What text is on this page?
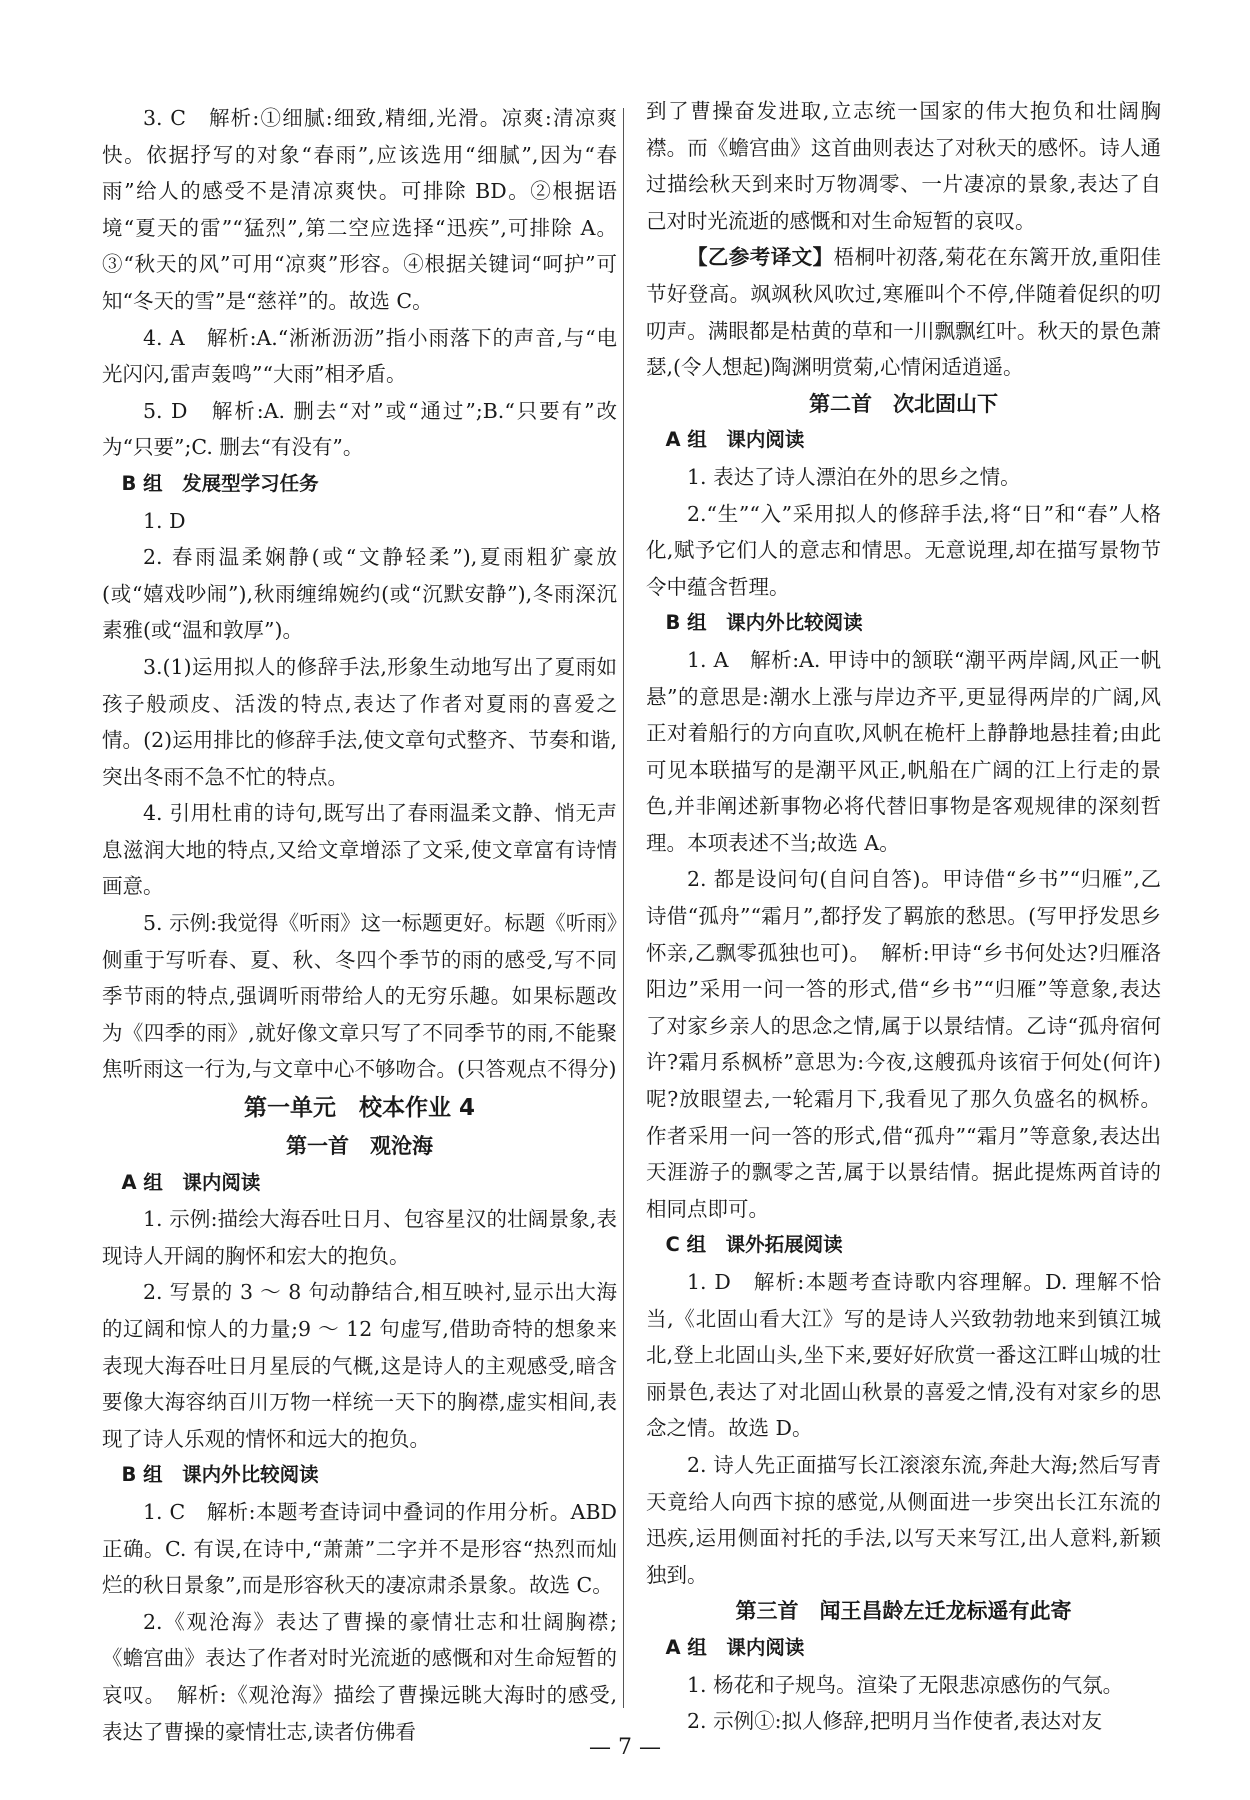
3. C　解析:①细腻:细致,精细,光滑。凉爽:清凉爽快。依据抒写的对象“春雨”,应该选用“细腻”,因为“春雨”给人的感受不是清凉爽快。可排除 BD。②根据语境“夏天的雷”“猛烈”,第二空应选择“迅疾”,可排除 A。③“秋天的风”可用“凉爽”形容。④根据关键词“呵护”可知“冬天的雪”是“慈祥”的。故选 C。

4. A　解析:A.“淅淅沥沥”指小雨落下的声音,与“电光闪闪,雷声轰鸣”“大雨”相矛盾。

5. D　解析:A. 删去“对”或“通过”;B.“只要有”改为“只要”;C. 删去“有没有”。

B 组　发展型学习任务

1. D

2. 春雨温柔娴静(或“文静轻柔”),夏雨粗犷豪放(或“嬉戏吵闹”),秋雨缠绵婉约(或“沉默安静”),冬雨深沉素雅(或“温和敦厚”)。

3.(1)运用拟人的修辞手法,形象生动地写出了夏雨如孩子般顽皮、活泼的特点,表达了作者对夏雨的喜爱之情。(2)运用排比的修辞手法,使文章句式整齐、节奏和谐,突出冬雨不急不忙的特点。

4. 引用杜甫的诗句,既写出了春雨温柔文静、悄无声息滋润大地的特点,又给文章增添了文采,使文章富有诗情画意。

5. 示例:我觉得《听雨》这一标题更好。标题《听雨》侧重于写听春、夏、秋、冬四个季节的雨的感受,写不同季节雨的特点,强调听雨带给人的无穷乐趣。如果标题改为《四季的雨》,就好像文章只写了不同季节的雨,不能聚焦听雨这一行为,与文章中心不够吻合。(只答观点不得分)

第一单元　校本作业 4

第一首　观沧海

A 组　课内阅读

1. 示例:描绘大海吞吐日月、包容星汉的壮阔景象,表现诗人开阔的胸怀和宏大的抱负。

2. 写景的 3 ～ 8 句动静结合,相互映衬,显示出大海的辽阔和惊人的力量;9 ～ 12 句虚写,借助奇特的想象来表现大海吞吐日月星辰的气概,这是诗人的主观感受,暗含要像大海容纳百川万物一样统一天下的胸襟,虚实相间,表现了诗人乐观的情怀和远大的抱负。

B 组　课内外比较阅读

1. C　解析:本题考查诗词中叠词的作用分析。ABD 正确。C. 有误,在诗中,“萧萧”二字并不是形容“热烈而灿烂的秋日景象”,而是形容秋天的凄凉肃杀景象。故选 C。

2.《观沧海》表达了曹操的豪情壮志和壮阔胸襟;《蟾宫曲》表达了作者对时光流逝的感慨和对生命短暂的哀叹。　解析:《观沧海》描绘了曹操远眺大海时的感受,表达了曹操的豪情壮志,读者仿佛看

到了曹操奋发进取,立志统一国家的伟大抱负和壮阔胸襟。而《蟾宫曲》这首曲则表达了对秋天的感怀。诗人通过描绘秋天到来时万物凋零、一片凄凉的景象,表达了自己对时光流逝的感慨和对生命短暂的哀叹。

【乙参考译文】梧桐叶初落,菊花在东篱开放,重阳佳节好登高。飒飒秋风吹过,寒雁叫个不停,伴随着促织的叨叨声。满眼都是枯黄的草和一川飘飘红叶。秋天的景色萧瑟,(令人想起)陶渊明赏菊,心情闲适逍遥。

第二首　次北固山下

A 组　课内阅读

1. 表达了诗人漂泊在外的思乡之情。

2.“生”“入”采用拟人的修辞手法,将“日”和“春”人格化,赋予它们人的意志和情思。无意说理,却在描写景物节令中蕴含哲理。

B 组　课内外比较阅读

1. A　解析:A. 甲诗中的颔联“潮平两岸阔,风正一帆悬”的意思是:潮水上涨与岸边齐平,更显得两岸的广阔,风正对着船行的方向直吹,风帆在桅杆上静静地悬挂着;由此可见本联描写的是潮平风正,帆船在广阔的江上行走的景色,并非阐述新事物必将代替旧事物是客观规律的深刻哲理。本项表述不当;故选 A。

2. 都是设问句(自问自答)。甲诗借“乡书”“归雁”,乙诗借“孤舟”“霜月”,都抒发了羁旅的愁思。(写甲抒发思乡怀亲,乙飘零孤独也可)。　解析:甲诗“乡书何处达?归雁洛阳边”采用一问一答的形式,借“乡书”“归雁”等意象,表达了对家乡亲人的思念之情,属于以景结情。乙诗“孤舟宿何许?霜月系枫桥”意思为:今夜,这艘孤舟该宿于何处(何许)呢?放眼望去,一轮霜月下,我看见了那久负盛名的枫桥。作者采用一问一答的形式,借“孤舟”“霜月”等意象,表达出天涯游子的飘零之苦,属于以景结情。据此提炼两首诗的相同点即可。

C 组　课外拓展阅读

1. D　解析:本题考查诗歌内容理解。D. 理解不恰当,《北固山看大江》写的是诗人兴致勃勃地来到镇江城北,登上北固山头,坐下来,要好好欣赏一番这江畔山城的壮丽景色,表达了对北固山秋景的喜爱之情,没有对家乡的思念之情。故选 D。

2. 诗人先正面描写长江滚滚东流,奔赴大海;然后写青天竟给人向西卞掠的感觉,从侧面进一步突出长江东流的迅疾,运用侧面衬托的手法,以写天来写江,出人意料,新颖独到。

第三首　闻王昌龄左迁龙标遥有此寄

A 组　课内阅读

1. 杨花和子规鸟。渲染了无限悲凉感伤的气氛。

2. 示例①:拟人修辞,把明月当作使者,表达对友

— 7 —
